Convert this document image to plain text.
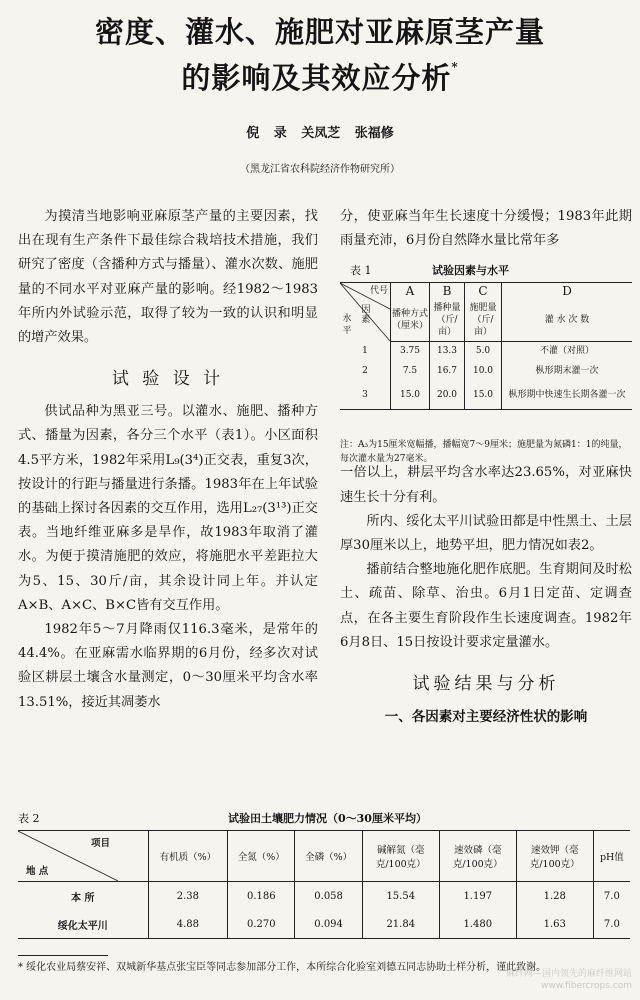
密度、灌水、施肥对亚麻原茎产量
的影响及其效应分析*
倪 录 关凤芝 张福修
（黑龙江省农科院经济作物研究所）

为摸清当地影响亚麻原茎产量的主要因素，找出在现有生产条件下最佳综合栽培技术措施，我们研究了密度（含播种方式与播量）、灌水次数、施肥量的不同水平对亚麻产量的影响。经1982～1983年所内外试验示范，取得了较为一致的认识和明显的增产效果。

试 验 设 计

供试品种为黑亚三号。以灌水、施肥、播种方式、播量为因素，各分三个水平（表1）。小区面积4.5平方米，1982年采用L₉(3⁴)正交表，重复3次，按设计的行距与播量进行条播。1983年在上年试验的基础上探讨各因素的交互作用，选用L₂₇(3¹³)正交表。当地纤维亚麻多是旱作，故1983年取消了灌水。为便于摸清施肥的效应，将施肥水平差距拉大为5、15、30斤/亩，其余设计同上年。并认定A×B、A×C、B×C皆有交互作用。

1982年5～7月降雨仅116.3毫米，是常年的44.4%。在亚麻需水临界期的6月份，经多次对试验区耕层土壤含水量测定，0～30厘米平均含水率13.51%，接近其凋萎水

分，使亚麻当年生长速度十分缓慢；1983年此期雨量充沛，6月份自然降水量比常年多

一倍以上，耕层平均含水率达23.65%，对亚麻快速生长十分有利。

所内、绥化太平川试验田都是中性黑土、土层厚30厘米以上，地势平坦，肥力情况如表2。

播前结合整地施化肥作底肥。生育期间及时松土、疏苗、除草、治虫。6月1日定苗、定调查点，在各主要生育阶段作生长速度调查。1982年6月8日、15日按设计要求定量灌水。

试验结果与分析
一、各因素对主要经济性状的影响
表 1	试验因素与水平
代号
因素
水平	A	B	C	D
	播种方式（厘米）	播种量（斤/亩）	施肥量（斤/亩）	灌 水 次 数
1	3.75	13.3	5.0	不灌（对照）
2	7.5	16.7	10.0	枞形期末灌一次
3	15.0	20.0	15.0	枞形期中快速生长期各灌一次
注：A₃为15厘米宽幅播，播幅宽7～9厘米；施肥量为氮磷1：1的纯量，每次灌水量为27毫米。
表 2	试验田土壤肥力情况（0～30厘米平均）
项目
地 点	有机质（%）	全氮（%）	全磷（%）	碱解氮（毫克/100克）	速效磷（毫克/100克）	速效钾（毫克/100克）	pH值
本 所	2.38	0.186	0.058	15.54	1.197	1.28	7.0
绥化太平川	4.88	0.270	0.094	21.84	1.480	1.63	7.0
* 绥化农业局蔡安祥、双城新华基点张宝臣等同志参加部分工作，本所综合化验室刘德五同志协助土样分析，谨此致谢。
麻纤网—国内领先的麻纤维网站
www.fibercrops.com
